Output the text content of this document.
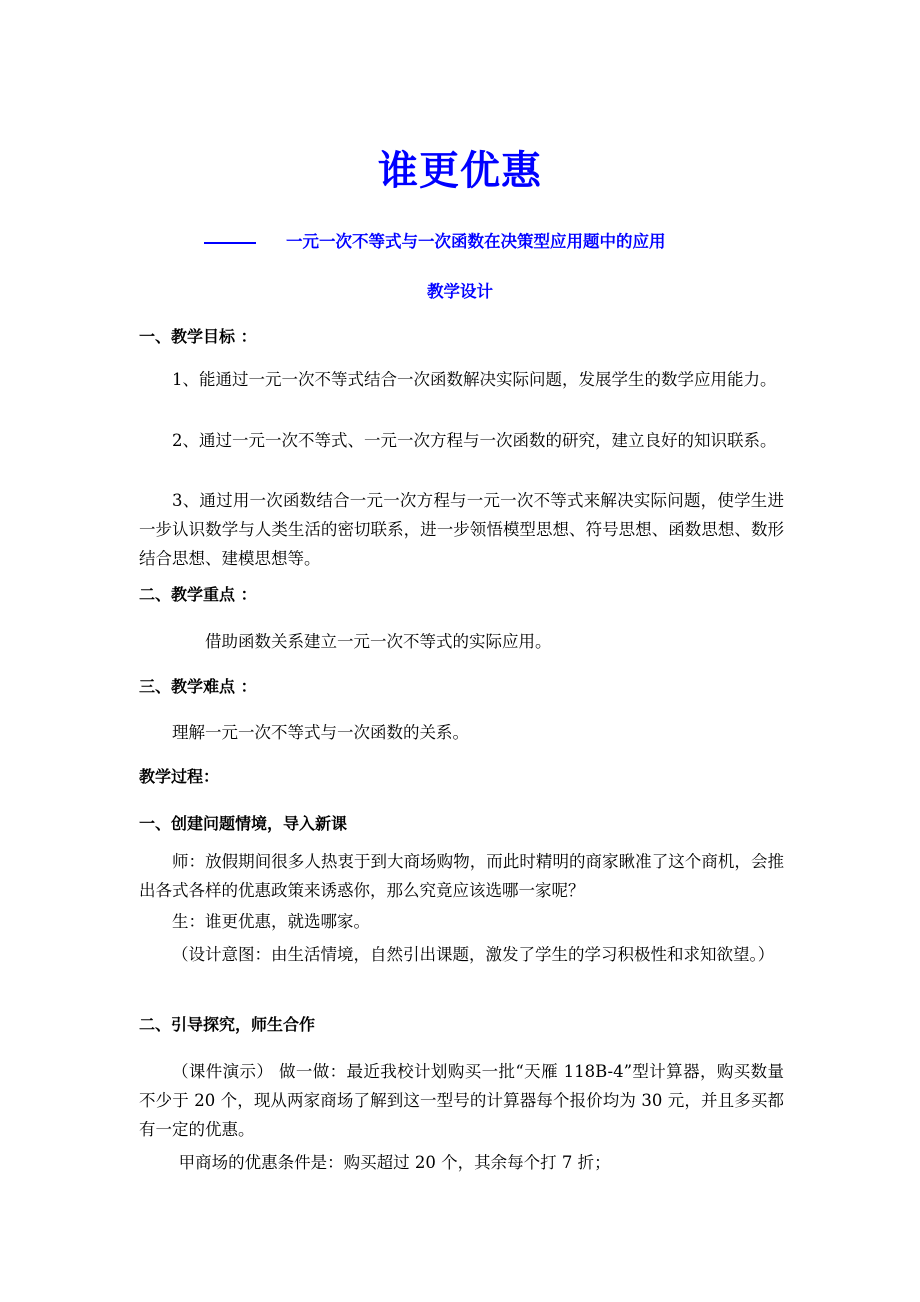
谁更优惠
一元一次不等式与一次函数在决策型应用题中的应用
教学设计
一、教学目标 ：
1、能通过一元一次不等式结合一次函数解决实际问题，发展学生的数学应用能力。
2、通过一元一次不等式、一元一次方程与一次函数的研究，建立良好的知识联系。
3、通过用一次函数结合一元一次方程与一元一次不等式来解决实际问题，使学生进一步认识数学与人类生活的密切联系，进一步领悟模型思想、符号思想、函数思想、数形结合思想、建模思想等。
二、教学重点 ：
借助函数关系建立一元一次不等式的实际应用。
三、教学难点 ：
理解一元一次不等式与一次函数的关系。
教学过程：
一、创建问题情境，导入新课
师：放假期间很多人热衷于到大商场购物，而此时精明的商家瞅准了这个商机，会推出各式各样的优惠政策来诱惑你，那么究竟应该选哪一家呢？
生：谁更优惠，就选哪家。
（设计意图：由生活情境，自然引出课题，激发了学生的学习积极性和求知欲望。）
二、引导探究，师生合作
（课件演示） 做一做：最近我校计划购买一批“天雁 118B-4”型计算器，购买数量不少于 20 个，现从两家商场了解到这一型号的计算器每个报价均为 30 元，并且多买都有一定的优惠。
甲商场的优惠条件是：购买超过 20 个，其余每个打 7 折；
